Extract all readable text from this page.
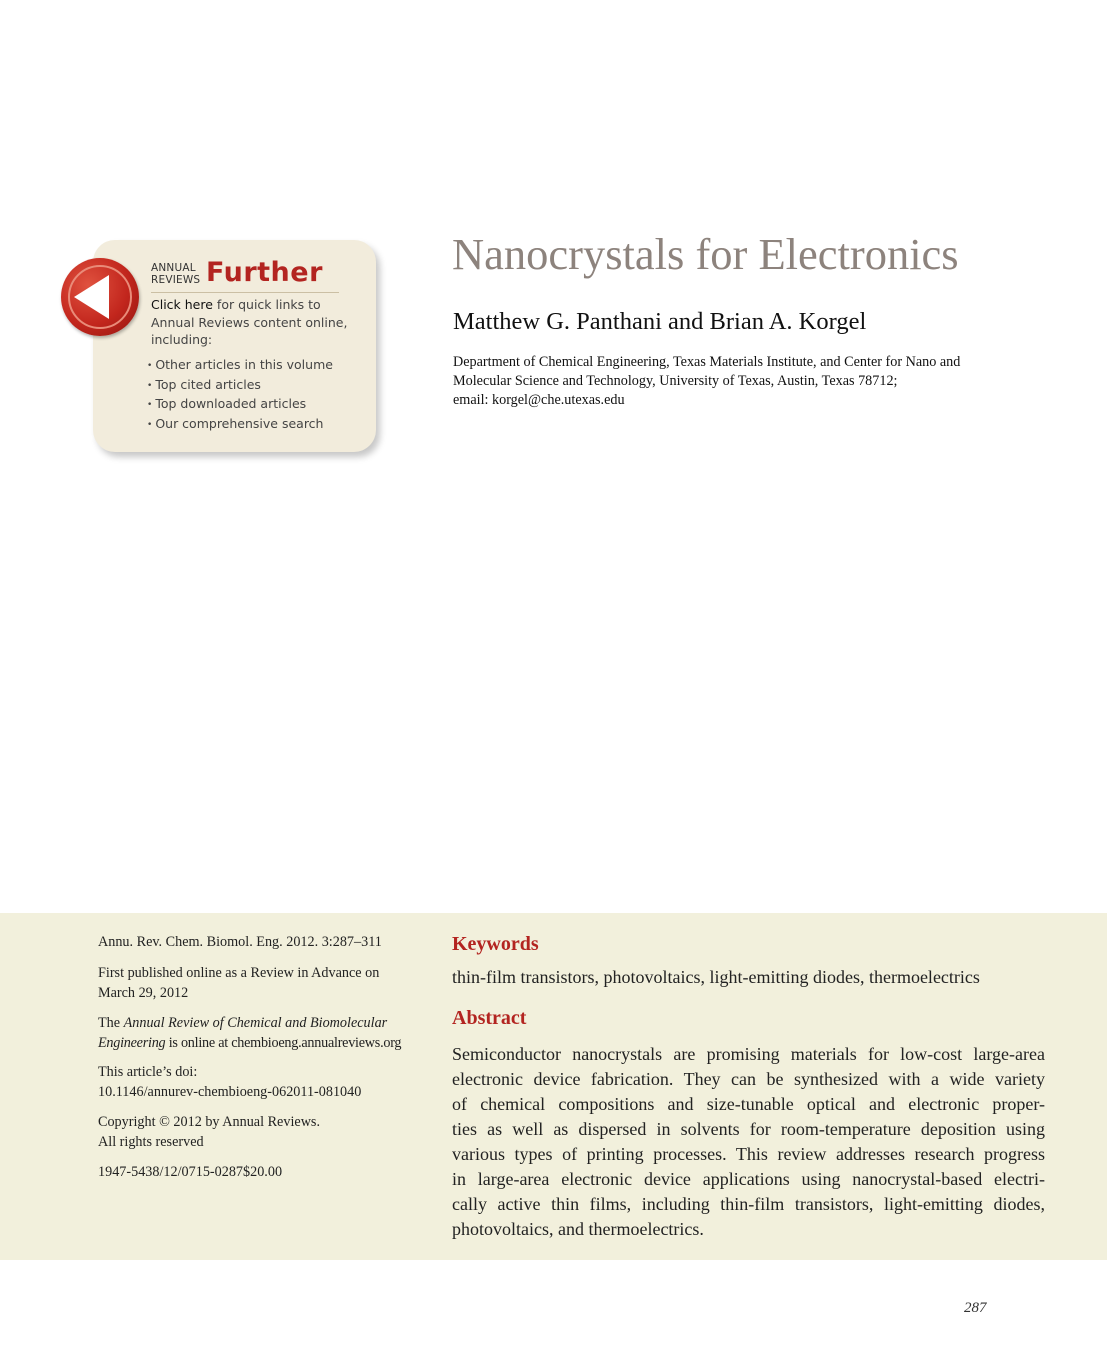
ANNUAL
REVIEWS Further
Click here for quick links to Annual Reviews content online, including:
• Other articles in this volume
• Top cited articles
• Top downloaded articles
• Our comprehensive search
Nanocrystals for Electronics
Matthew G. Panthani and Brian A. Korgel
Department of Chemical Engineering, Texas Materials Institute, and Center for Nano and
Molecular Science and Technology, University of Texas, Austin, Texas 78712;
email: korgel@che.utexas.edu
Annu. Rev. Chem. Biomol. Eng. 2012. 3:287–311
First published online as a Review in Advance on
March 29, 2012
The Annual Review of Chemical and Biomolecular
Engineering is online at chembioeng.annualreviews.org
This article’s doi:
10.1146/annurev-chembioeng-062011-081040
Copyright © 2012 by Annual Reviews.
All rights reserved
1947-5438/12/0715-0287$20.00
Keywords
thin-film transistors, photovoltaics, light-emitting diodes, thermoelectrics
Abstract
Semiconductor nanocrystals are promising materials for low-cost large-area
electronic device fabrication. They can be synthesized with a wide variety
of chemical compositions and size-tunable optical and electronic proper-
ties as well as dispersed in solvents for room-temperature deposition using
various types of printing processes. This review addresses research progress
in large-area electronic device applications using nanocrystal-based electri-
cally active thin films, including thin-film transistors, light-emitting diodes,
photovoltaics, and thermoelectrics.
287
